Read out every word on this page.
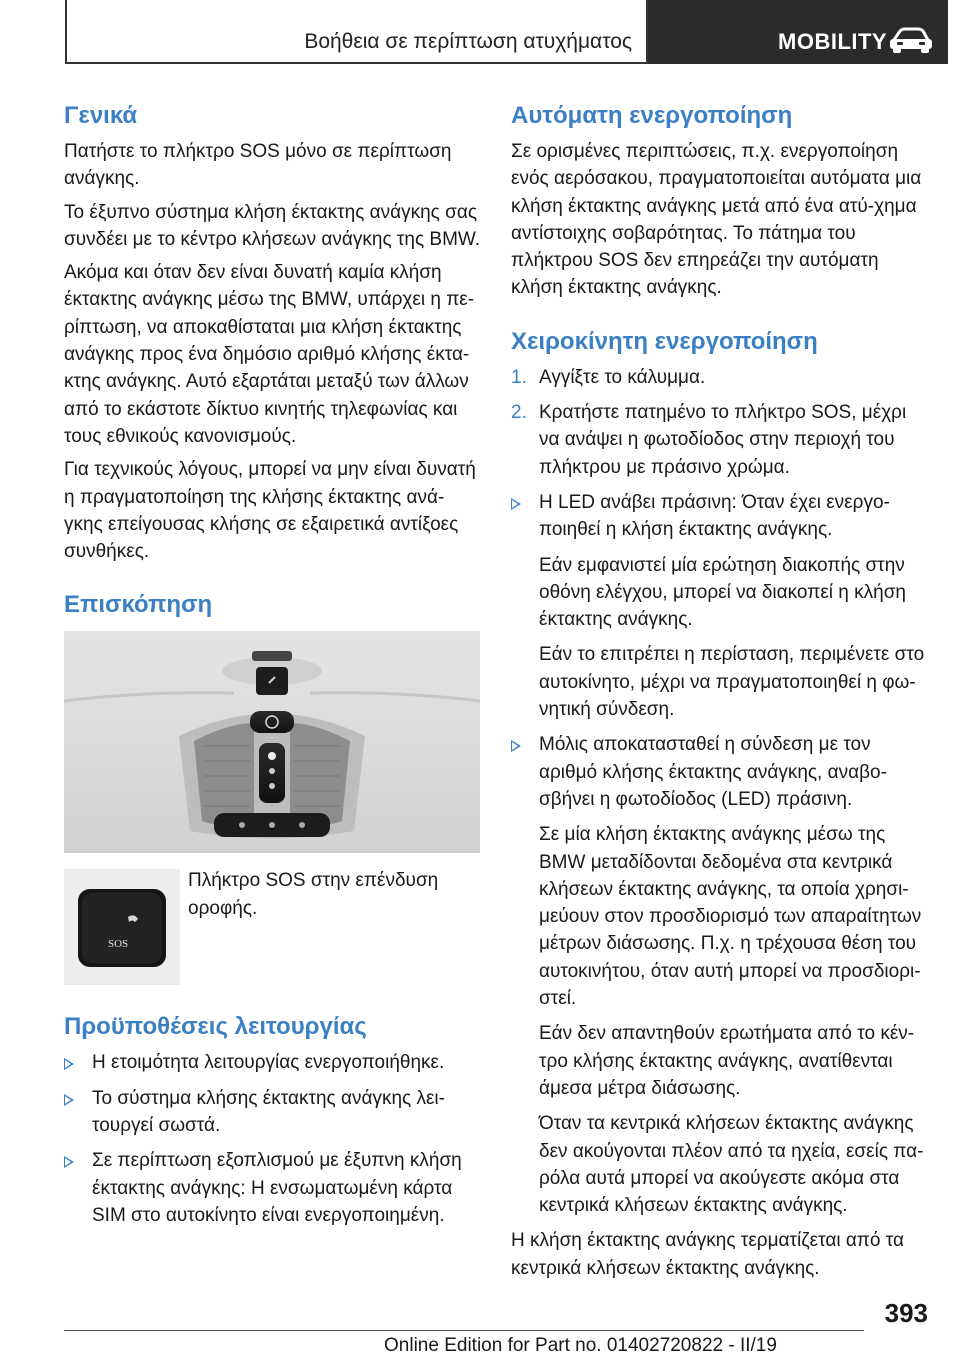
Βοήθεια σε περίπτωση ατυχήματος	MOBILITY
Γενικά

Πατήστε το πλήκτρο SOS μόνο σε περίπτωση ανάγκης.

Το έξυπνο σύστημα κλήση έκτακτης ανάγκης σας συνδέει με το κέντρο κλήσεων ανάγκης της BMW.

Ακόμα και όταν δεν είναι δυνατή καμία κλήση έκτακτης ανάγκης μέσω της BMW, υπάρχει η πε‐ρίπτωση, να αποκαθίσταται μια κλήση έκτακτης ανάγκης προς ένα δημόσιο αριθμό κλήσης έκτα‐κτης ανάγκης. Αυτό εξαρτάται μεταξύ των άλλων από το εκάστοτε δίκτυο κινητής τηλεφωνίας και τους εθνικούς κανονισμούς.

Για τεχνικούς λόγους, μπορεί να μην είναι δυνατή η πραγματοποίηση της κλήσης έκτακτης ανά‐γκης επείγουσας κλήσης σε εξαιρετικά αντίξοες συνθήκες.

Επισκόπηση
SOS

Πλήκτρο SOS στην επένδυση οροφής.

Προϋποθέσεις λειτουργίας
Η ετοιμότητα λειτουργίας ενεργοποιήθηκε.
Το σύστημα κλήσης έκτακτης ανάγκης λει‐τουργεί σωστά.
Σε περίπτωση εξοπλισμού με έξυπνη κλήση έκτακτης ανάγκης: Η ενσωματωμένη κάρτα SIM στο αυτοκίνητο είναι ενεργοποιημένη.
Αυτόματη ενεργοποίηση

Σε ορισμένες περιπτώσεις, π.χ. ενεργοποίηση ενός αερόσακου, πραγματοποιείται αυτόματα μια κλήση έκτακτης ανάγκης μετά από ένα ατύ‐χημα αντίστοιχης σοβαρότητας. Το πάτημα του πλήκτρου SOS δεν επηρεάζει την αυτόματη κλήση έκτακτης ανάγκης.

Χειροκίνητη ενεργοποίηση
1. Αγγίξτε το κάλυμμα.
2. Κρατήστε πατημένο το πλήκτρο SOS, μέχρι να ανάψει η φωτοδίοδος στην περιοχή του πλήκτρου με πράσινο χρώμα.
Η LED ανάβει πράσινη: Όταν έχει ενεργο‐ποιηθεί η κλήση έκτακτης ανάγκης.

Εάν εμφανιστεί μία ερώτηση διακοπής στην οθόνη ελέγχου, μπορεί να διακοπεί η κλήση έκτακτης ανάγκης.

Εάν το επιτρέπει η περίσταση, περιμένετε στο αυτοκίνητο, μέχρι να πραγματοποιηθεί η φω‐νητική σύνδεση.

Μόλις αποκατασταθεί η σύνδεση με τον αριθμό κλήσης έκτακτης ανάγκης, αναβο‐σβήνει η φωτοδίοδος (LED) πράσινη.

Σε μία κλήση έκτακτης ανάγκης μέσω της BMW μεταδίδονται δεδομένα στα κεντρικά κλήσεων έκτακτης ανάγκης, τα οποία χρησι‐μεύουν στον προσδιορισμό των απαραίτητων μέτρων διάσωσης. Π.χ. η τρέχουσα θέση του αυτοκινήτου, όταν αυτή μπορεί να προσδιορι‐στεί.

Εάν δεν απαντηθούν ερωτήματα από το κέν‐τρο κλήσης έκτακτης ανάγκης, ανατίθενται άμεσα μέτρα διάσωσης.

Όταν τα κεντρικά κλήσεων έκτακτης ανάγκης δεν ακούγονται πλέον από τα ηχεία, εσείς πα‐ρόλα αυτά μπορεί να ακούγεστε ακόμα στα κεντρικά κλήσεων έκτακτης ανάγκης.

Η κλήση έκτακτης ανάγκης τερματίζεται από τα κεντρικά κλήσεων έκτακτης ανάγκης.

393
Online Edition for Part no. 01402720822 - II/19
